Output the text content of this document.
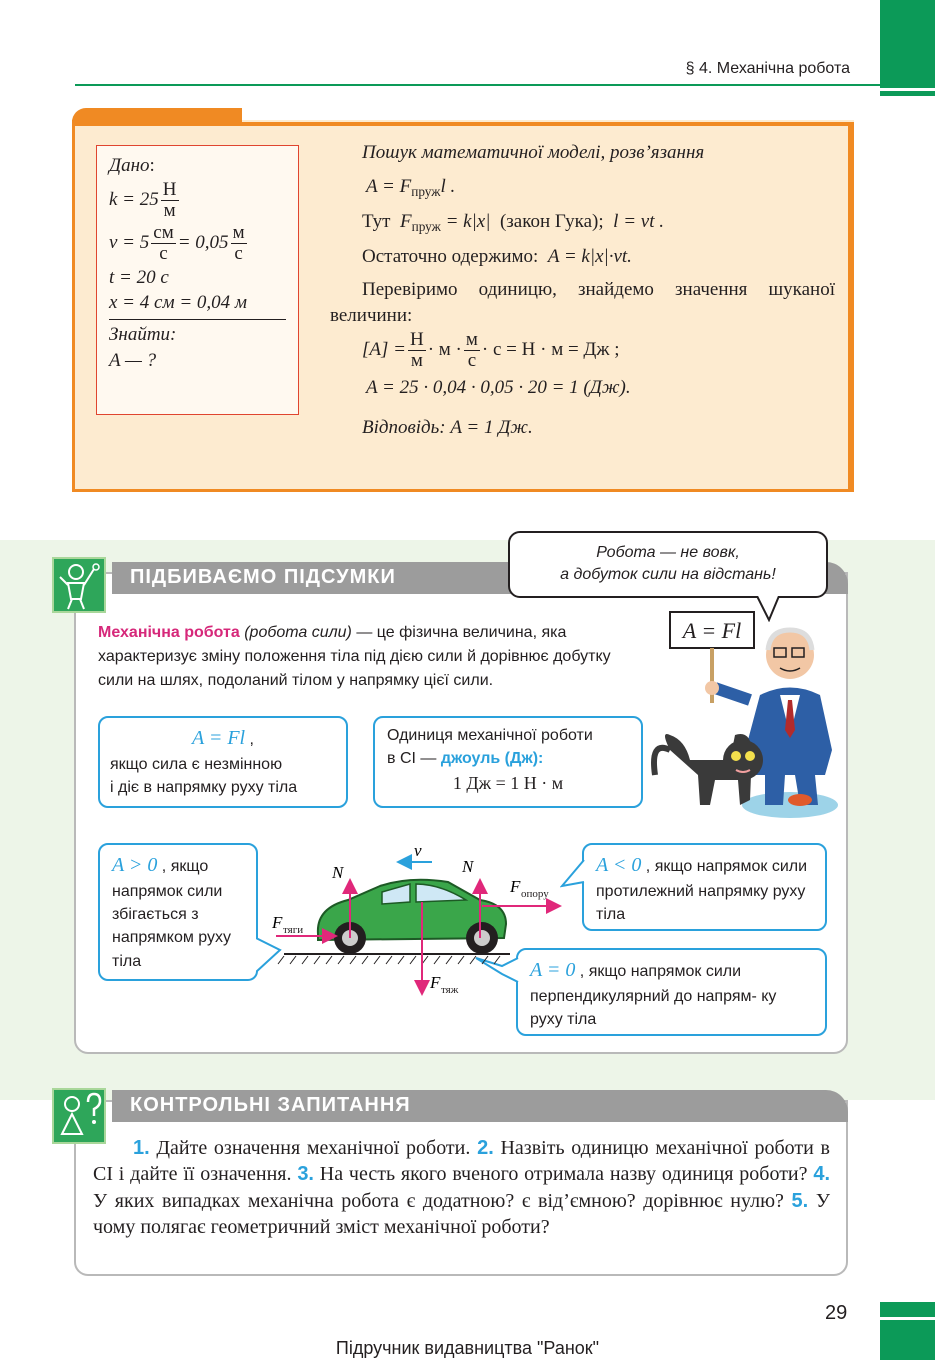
§ 4. Механічна робота
Дано:
$k = 25 \frac{Н}{м}$
$v = 5 \frac{см}{с} = 0,05 \frac{м}{с}$
t = 20 с
x = 4 см = 0,04 м
Знайти:
A — ?

Пошук математичної моделі, розв’язання

$A = F_{пруж}l$ .

Тут $F_{пруж} = k|x|$ (закон Гука); l = vt .

Остаточно одержимо: A = k|x|·vt.

Перевіримо одиницю, знайдемо значення шуканої величини:

$[A] = \frac{Н}{м} \cdot м \cdot \frac{м}{с} \cdot с = Н \cdot м$ = Дж ;

A = 25 · 0,04 · 0,05 · 20 = 1 (Дж).

Відповідь: A = 1 Дж.

ПІДБИВАЄМО ПІДСУМКИ
Робота — не вовк,
а добуток сили на відстань!
A = Fl
Механічна робота (робота сили) — це фізична величина, яка характеризує зміну положення тіла під дією сили й дорівнює добутку сили на шлях, подоланий тілом у напрямку цієї сили.
A = Fl ,
якщо сила є незмінною
і діє в напрямку руху тіла
Одиниця механічної роботи
в СІ — джоуль (Дж):
1 Дж = 1 Н · м
A > 0 , якщо напрямок сили збігається з напрямком руху тіла
A < 0 , якщо напрямок сили протилежний напрямку руху тіла
A = 0 , якщо напрямок сили перпендикулярний до напрям- ку руху тіла
v
N	N
F опору
F тяги
F тяж
КОНТРОЛЬНІ ЗАПИТАННЯ
1. Дайте означення механічної роботи. 2. Назвіть одиницю механічної роботи в СІ і дайте її означення. 3. На честь якого вченого отримала назву одиниця роботи? 4. У яких випадках механічна робота є додатною? є від’ємною? дорівнює нулю? 5. У чому полягає геометричний зміст механічної роботи?
29
Підручник видавництва "Ранок"
